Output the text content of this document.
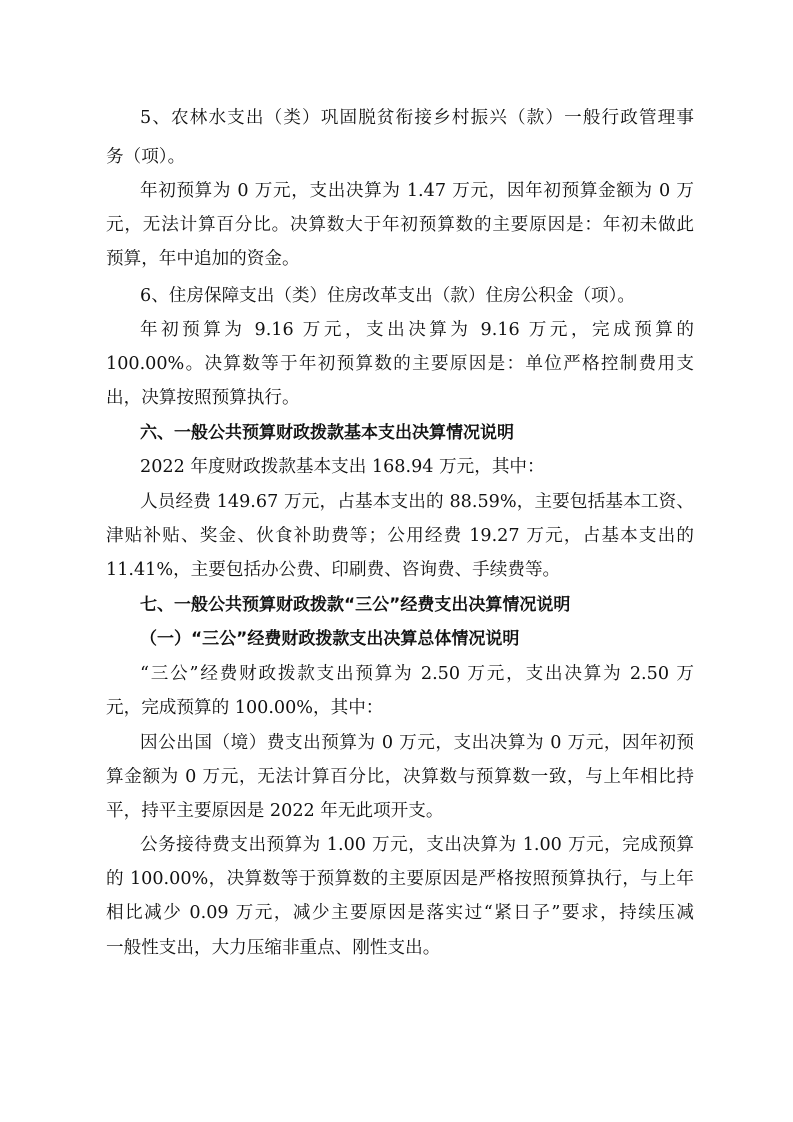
5、农林水支出（类）巩固脱贫衔接乡村振兴（款）一般行政管理事
务（项）。
年初预算为 0 万元，支出决算为 1.47 万元，因年初预算金额为 0 万
元，无法计算百分比。决算数大于年初预算数的主要原因是：年初未做此
预算，年中追加的资金。
6、住房保障支出（类）住房改革支出（款）住房公积金（项）。
年初预算为 9.16 万元，支出决算为 9.16 万元，完成预算的
100.00%。决算数等于年初预算数的主要原因是：单位严格控制费用支
出，决算按照预算执行。
六、一般公共预算财政拨款基本支出决算情况说明
2022 年度财政拨款基本支出 168.94 万元，其中：
人员经费 149.67 万元，占基本支出的 88.59%，主要包括基本工资、
津贴补贴、奖金、伙食补助费等；公用经费 19.27 万元，占基本支出的
11.41%，主要包括办公费、印刷费、咨询费、手续费等。
七、一般公共预算财政拨款“三公”经费支出决算情况说明
（一）“三公”经费财政拨款支出决算总体情况说明
“三公”经费财政拨款支出预算为 2.50 万元，支出决算为 2.50 万
元，完成预算的 100.00%，其中：
因公出国（境）费支出预算为 0 万元，支出决算为 0 万元，因年初预
算金额为 0 万元，无法计算百分比，决算数与预算数一致，与上年相比持
平，持平主要原因是 2022 年无此项开支。
公务接待费支出预算为 1.00 万元，支出决算为 1.00 万元，完成预算
的 100.00%，决算数等于预算数的主要原因是严格按照预算执行，与上年
相比减少 0.09 万元，减少主要原因是落实过“紧日子”要求，持续压减
一般性支出，大力压缩非重点、刚性支出。
